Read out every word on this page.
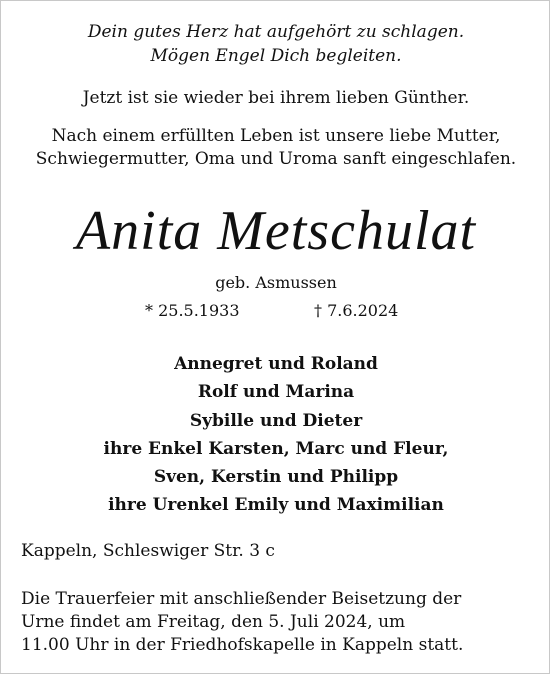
Dein gutes Herz hat aufgehört zu schlagen.

Mögen Engel Dich begleiten.

Jetzt ist sie wieder bei ihrem lieben Günther.

Nach einem erfüllten Leben ist unsere liebe Mutter,

Schwiegermutter, Oma und Uroma sanft eingeschlafen.

Anita Metschulat

geb. Asmussen

* 25.5.1933	† 7.6.2024

Annegret und Roland

Rolf und Marina

Sybille und Dieter

ihre Enkel Karsten, Marc und Fleur,

Sven, Kerstin und Philipp

ihre Urenkel Emily und Maximilian

Kappeln, Schleswiger Str. 3 c

Die Trauerfeier mit anschließender Beisetzung der

Urne findet am Freitag, den 5. Juli 2024, um

11.00 Uhr in der Friedhofskapelle in Kappeln statt.
